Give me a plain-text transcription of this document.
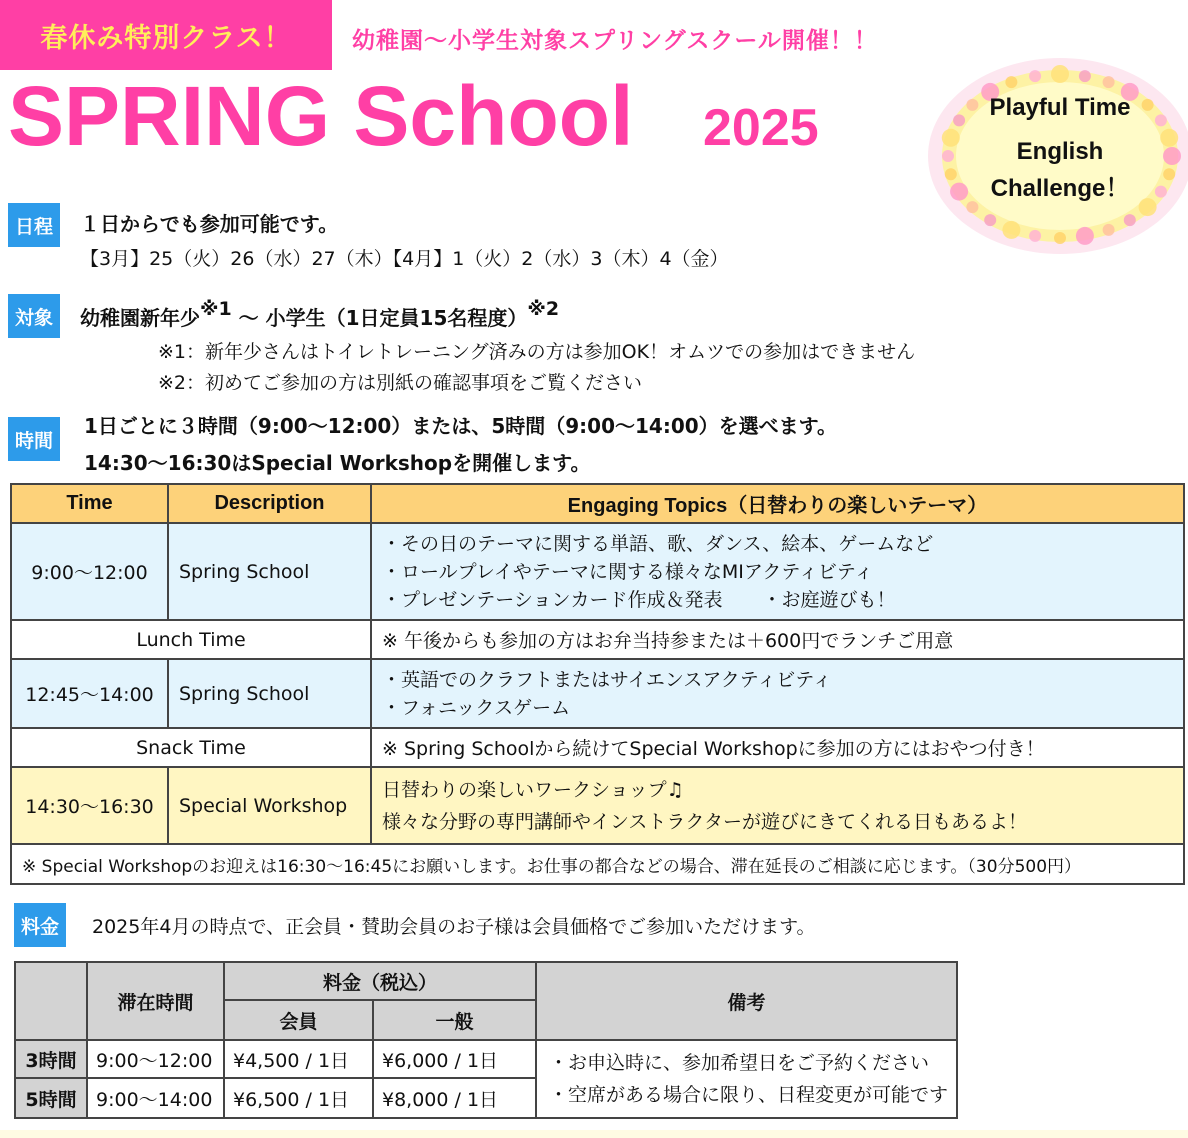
春休み特別クラス！	幼稚園〜小学生対象スプリングスクール開催！！
SPRING School 2025	Playful Time
English
Challenge！
日程	１日からでも参加可能です。
【3月】25（火）26（水）27（木）【4月】1（火）2（水）3（木）4（金）
対象	幼稚園新年少$^{※1}$ 〜 小学生（1日定員15名程度）$^{※2}$
※1：新年少さんはトイレトレーニング済みの方は参加OK！オムツでの参加はできません
※2：初めてご参加の方は別紙の確認事項をご覧ください
時間
1日ごとに３時間（9:00〜12:00）または、5時間（9:00〜14:00）を選べます。
14:30〜16:30はSpecial Workshopを開催します。
Time	Description	Engaging Topics（日替わりの楽しいテーマ）
9:00〜12:00	Spring School	・その日のテーマに関する単語、歌、ダンス、絵本、ゲームなど
・ロールプレイやテーマに関する様々なMIアクティビティ
・プレゼンテーションカード作成＆発表 ・お庭遊びも！

Lunch Time		※ 午後からも参加の方はお弁当持参または＋600円でランチご用意
12:45〜14:00	Spring School	・英語でのクラフトまたはサイエンスアクティビティ
・フォニックスゲーム

Snack Time		※ Spring Schoolから続けてSpecial Workshopに参加の方にはおやつ付き！
14:30〜16:30	Special Workshop	日替わりの楽しいワークショップ♫
様々な分野の専門講師やインストラクターが遊びにきてくれる日もあるよ！

※ Special Workshopのお迎えは16:30〜16:45にお願いします。お仕事の都合などの場合、滞在延長のご相談に応じます。（30分500円）		
料金	2025年4月の時点で、正会員・賛助会員のお子様は会員価格でご参加いただけます。
	滞在時間	料金（税込）		備考
		会員	一般	
3時間	9:00〜12:00	¥4,500 / 1日	¥6,000 / 1日	・お申込時に、参加希望日をご予約ください
・空席がある場合に限り、日程変更が可能です

5時間	9:00〜14:00	¥6,500 / 1日	¥8,000 / 1日	
